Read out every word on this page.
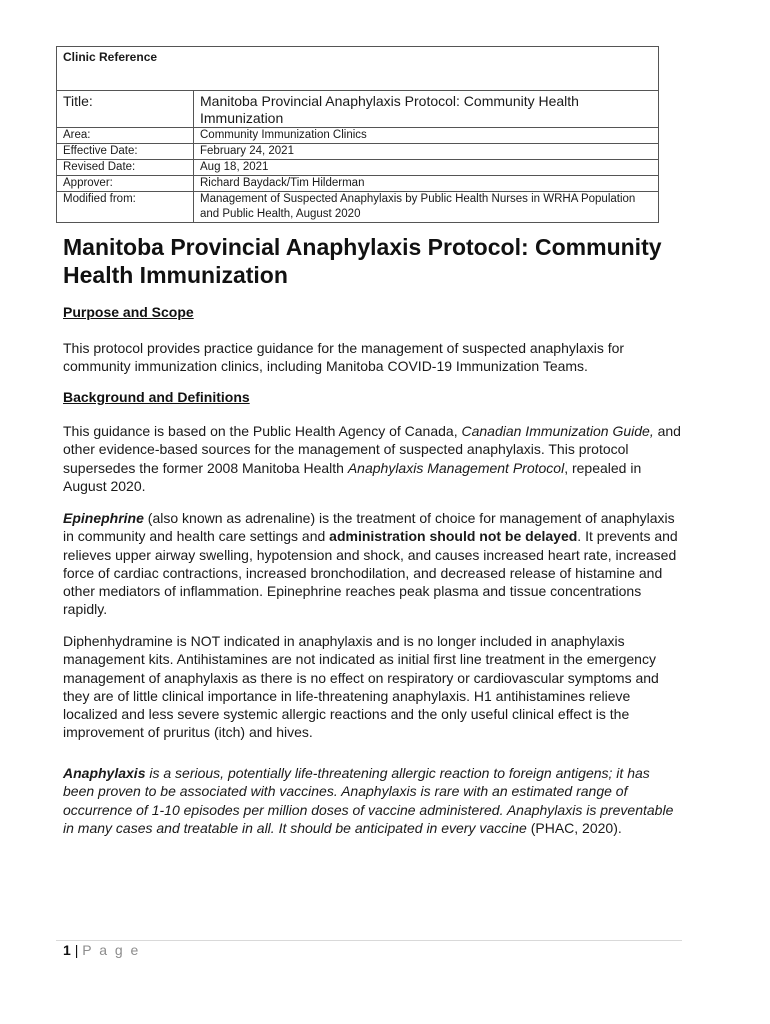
Clinic Reference	
Title:	Manitoba Provincial Anaphylaxis Protocol: Community Health Immunization
Area:	Community Immunization Clinics
Effective Date:	February 24, 2021
Revised Date:	Aug 18, 2021
Approver:	Richard Baydack/Tim Hilderman
Modified from:	Management of Suspected Anaphylaxis by Public Health Nurses in WRHA Population and Public Health, August 2020
Manitoba Provincial Anaphylaxis Protocol: Community Health Immunization
Purpose and Scope

This protocol provides practice guidance for the management of suspected anaphylaxis for community immunization clinics, including Manitoba COVID-19 Immunization Teams.

Background and Definitions

This guidance is based on the Public Health Agency of Canada, Canadian Immunization Guide, and other evidence-based sources for the management of suspected anaphylaxis. This protocol supersedes the former 2008 Manitoba Health Anaphylaxis Management Protocol, repealed in August 2020.

Epinephrine (also known as adrenaline) is the treatment of choice for management of anaphylaxis in community and health care settings and administration should not be delayed. It prevents and relieves upper airway swelling, hypotension and shock, and causes increased heart rate, increased force of cardiac contractions, increased bronchodilation, and decreased release of histamine and other mediators of inflammation. Epinephrine reaches peak plasma and tissue concentrations rapidly.

Diphenhydramine is NOT indicated in anaphylaxis and is no longer included in anaphylaxis management kits. Antihistamines are not indicated as initial first line treatment in the emergency management of anaphylaxis as there is no effect on respiratory or cardiovascular symptoms and they are of little clinical importance in life-threatening anaphylaxis. H1 antihistamines relieve localized and less severe systemic allergic reactions and the only useful clinical effect is the improvement of pruritus (itch) and hives.

Anaphylaxis is a serious, potentially life-threatening allergic reaction to foreign antigens; it has been proven to be associated with vaccines. Anaphylaxis is rare with an estimated range of occurrence of 1-10 episodes per million doses of vaccine administered. Anaphylaxis is preventable in many cases and treatable in all. It should be anticipated in every vaccine (PHAC, 2020).

1 | P a g e
